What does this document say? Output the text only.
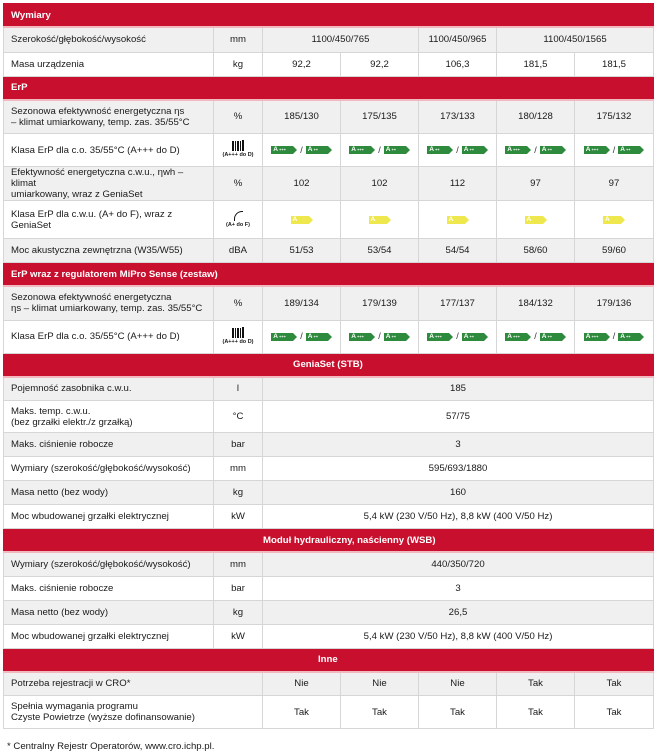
Wymiary						
Szerokość/głębokość/wysokość	mm	1100/450/765		1100/450/965	1100/450/1565	
Masa urządzenia	kg	92,2	92,2	106,3	181,5	181,5
ErP						
Sezonowa efektywność energetyczna ηs
– klimat umiarkowany, temp. zas. 35/55°C	%	185/130	175/135	173/133	180/128	175/132
Klasa ErP dla c.o. 35/55°C (A+++ do D)	(A+++ do D)	A +++ / A ++	A +++ / A ++	A ++ / A ++	A +++ / A ++	A +++ / A ++

Efektywność energetyczna c.w.u., ηwh – klimat
umiarkowany, wraz z GeniaSet	%	102	102	112	97	97
Klasa ErP dla c.w.u. (A+ do F), wraz z GeniaSet	(A+ do F)	A	A	A	A	A

Moc akustyczna zewnętrzna (W35/W55)	dBA	51/53	53/54	54/54	58/60	59/60
ErP wraz z regulatorem MiPro Sense (zestaw)						
Sezonowa efektywność energetyczna
ηs – klimat umiarkowany, temp. zas. 35/55°C	%	189/134	179/139	177/137	184/132	179/136
Klasa ErP dla c.o. 35/55°C (A+++ do D)	(A+++ do D)	A +++ / A ++	A +++ / A ++	A +++ / A ++	A +++ / A ++	A +++ / A ++

		GeniaSet (STB)				
Pojemność zasobnika c.w.u.	l	185				
Maks. temp. c.w.u.
(bez grzałki elektr./z grzałką)	°C	57/75				
Maks. ciśnienie robocze	bar	3				
Wymiary (szerokość/głębokość/wysokość)	mm	595/693/1880				
Masa netto (bez wody)	kg	160				
Moc wbudowanej grzałki elektrycznej	kW	5,4 kW (230 V/50 Hz), 8,8 kW (400 V/50 Hz)				
		Moduł hydrauliczny, naścienny (WSB)				
Wymiary (szerokość/głębokość/wysokość)	mm	440/350/720				
Maks. ciśnienie robocze	bar	3				
Masa netto (bez wody)	kg	26,5				
Moc wbudowanej grzałki elektrycznej	kW	5,4 kW (230 V/50 Hz), 8,8 kW (400 V/50 Hz)				
		Inne				
Potrzeba rejestracji w CRO*		Nie	Nie	Nie	Tak	Tak
Spełnia wymagania programu
Czyste Powietrze (wyższe dofinansowanie)		Tak	Tak	Tak	Tak	Tak
* Centralny Rejestr Operatorów, www.cro.ichp.pl.
